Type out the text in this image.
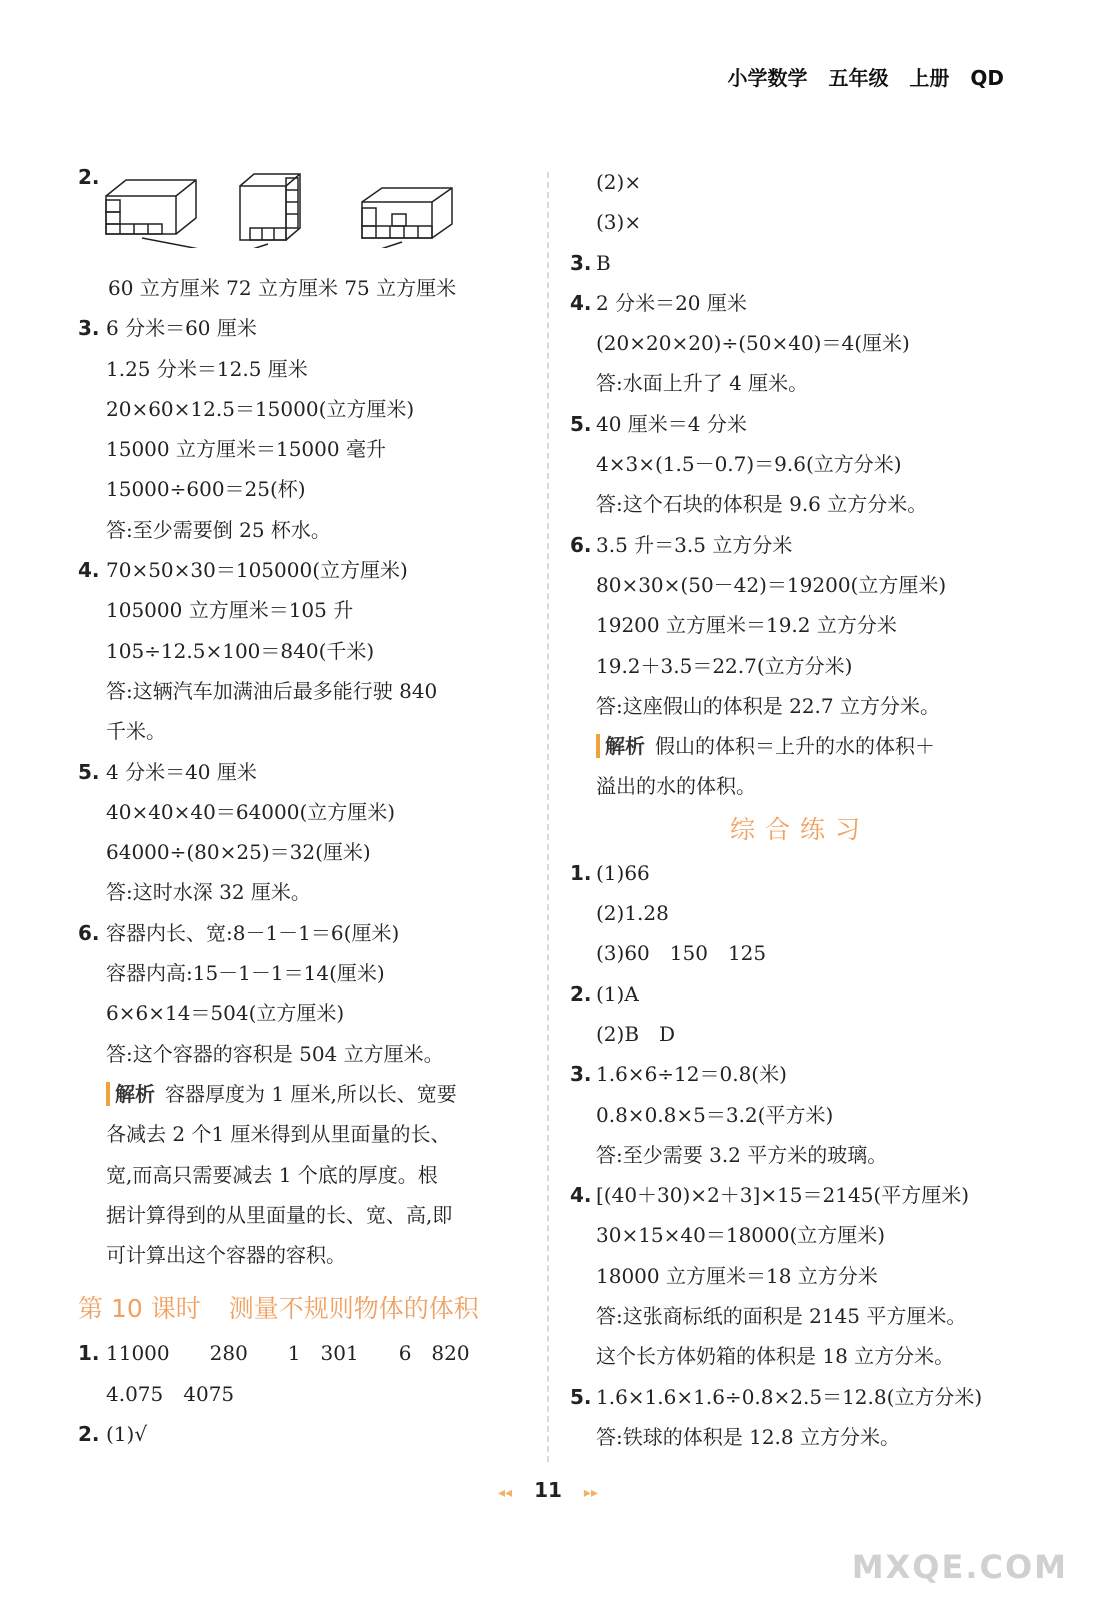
小学数学 五年级 上册 QD
2.
60 立方厘米 72 立方厘米 75 立方厘米
3. 6 分米＝60 厘米
1.25 分米＝12.5 厘米
20×60×12.5＝15000(立方厘米)
15000 立方厘米＝15000 毫升
15000÷600＝25(杯)
答:至少需要倒 25 杯水。
4. 70×50×30＝105000(立方厘米)
105000 立方厘米＝105 升
105÷12.5×100＝840(千米)
答:这辆汽车加满油后最多能行驶 840
千米。
5. 4 分米＝40 厘米
40×40×40＝64000(立方厘米)
64000÷(80×25)＝32(厘米)
答:这时水深 32 厘米。
6. 容器内长、宽:8－1－1＝6(厘米)
容器内高:15－1－1＝14(厘米)
6×6×14＝504(立方厘米)
答:这个容器的容积是 504 立方厘米。
解析 容器厚度为 1 厘米,所以长、宽要
各减去 2 个1 厘米得到从里面量的长、
宽,而高只需要减去 1 个底的厚度。根
据计算得到的从里面量的长、宽、高,即
可计算出这个容器的容积。
第 10 课时 测量不规则物体的体积
1. 11000　　280　　1　301　　6　820
4.075　4075
2. (1)√
(2)×
(3)×
3. B
4. 2 分米＝20 厘米
(20×20×20)÷(50×40)＝4(厘米)
答:水面上升了 4 厘米。
5. 40 厘米＝4 分米
4×3×(1.5－0.7)＝9.6(立方分米)
答:这个石块的体积是 9.6 立方分米。
6. 3.5 升＝3.5 立方分米
80×30×(50－42)＝19200(立方厘米)
19200 立方厘米＝19.2 立方分米
19.2＋3.5＝22.7(立方分米)
答:这座假山的体积是 22.7 立方分米。
解析 假山的体积＝上升的水的体积＋
溢出的水的体积。
综合练习
1. (1)66
(2)1.28
(3)60　150　125
2. (1)A
(2)B　D
3. 1.6×6÷12＝0.8(米)
0.8×0.8×5＝3.2(平方米)
答:至少需要 3.2 平方米的玻璃。
4. [(40＋30)×2＋3]×15＝2145(平方厘米)
30×15×40＝18000(立方厘米)
18000 立方厘米＝18 立方分米
答:这张商标纸的面积是 2145 平方厘米。
这个长方体奶箱的体积是 18 立方分米。
5. 1.6×1.6×1.6÷0.8×2.5＝12.8(立方分米)
答:铁球的体积是 12.8 立方分米。
◂◂ 11 ▸▸
MXQE.COM
